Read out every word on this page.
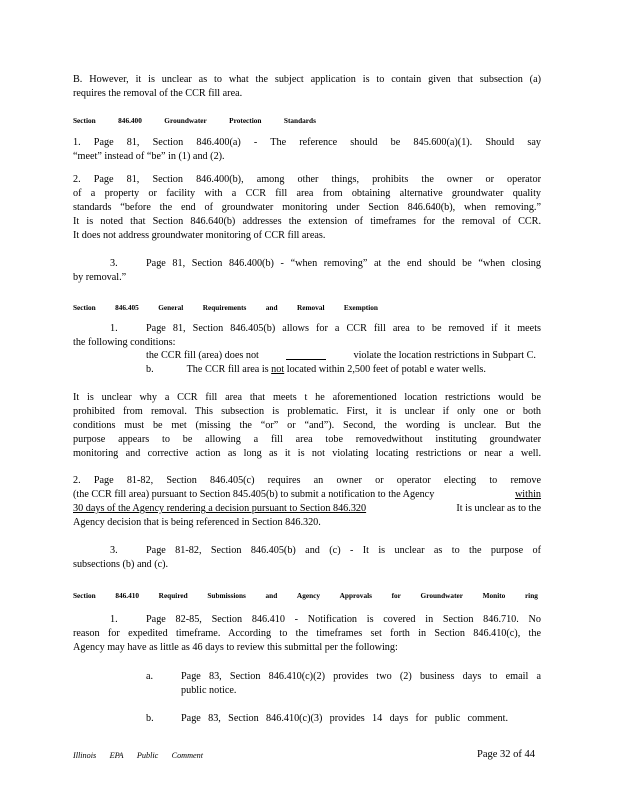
B. However, it is unclear as to what the subject application is to contain given that subsection (a)
requires the removal of the CCR fill area.
Section	846.400	Groundwater	Protection	Standards
1. Page 81, Section 846.400(a) - The reference should be 845.600(a)(1). Should say
“meet” instead of “be” in (1) and (2).
2. Page 81, Section 846.400(b), among other things, prohibits the owner or operator
of a property or facility with a CCR fill area from obtaining alternative groundwater quality
standards “before the end of groundwater monitoring under Section 846.640(b), when removing.”
It is noted that Section 846.640(b) addresses the extension of timeframes for the removal of CCR.
It does not address groundwater monitoring of CCR fill areas.
3.	Page 81, Section 846.400(b) - “when removing” at the end should be “when closing
by removal.”
Section	846.405	General	Requirements	and	Removal	Exemption
1.	Page 81, Section 846.405(b) allows for a CCR fill area to be removed if it meets
the following conditions:
the CCR fill (area) does not	violate the location restrictions in Subpart C.
b.	The CCR fill area is not located within 2,500 feet of potabl e water wells.
It is unclear why a CCR fill area that meets t he aforementioned location restrictions would be
prohibited from removal. This subsection is problematic. First, it is unclear if only one or both
conditions must be met (missing the “or” or “and”). Second, the wording is unclear. But the
purpose appears to be allowing a fill area tobe removedwithout instituting groundwater
monitoring and corrective action as long as it is not violating locating restrictions or near a well.
2. Page 81-82, Section 846.405(c) requires an owner or operator electing to remove
(the CCR fill area) pursuant to Section 845.405(b) to submit a notification to the Agency	within
30 days of the Agency rendering a decision pursuant to Section 846.320	It is unclear as to the
Agency decision that is being referenced in Section 846.320.
3.	Page 81-82, Section 846.405(b) and (c) - It is unclear as to the purpose of
subsections (b) and (c).
Section	846.410	Required	Submissions	and	Agency	Approvals	for	Groundwater	Monito	ring
1.	Page 82-85, Section 846.410 - Notification is covered in Section 846.710. No
reason for expedited timeframe. According to the timeframes set forth in Section 846.410(c), the
Agency may have as little as 46 days to review this submittal per the following:
a.	Page 83, Section 846.410(c)(2) provides two (2) business days to email a
public notice.
b.	Page 83, Section 846.410(c)(3) provides 14 days for public comment.
Illinois EPA Public Comment	Page 32 of 44
